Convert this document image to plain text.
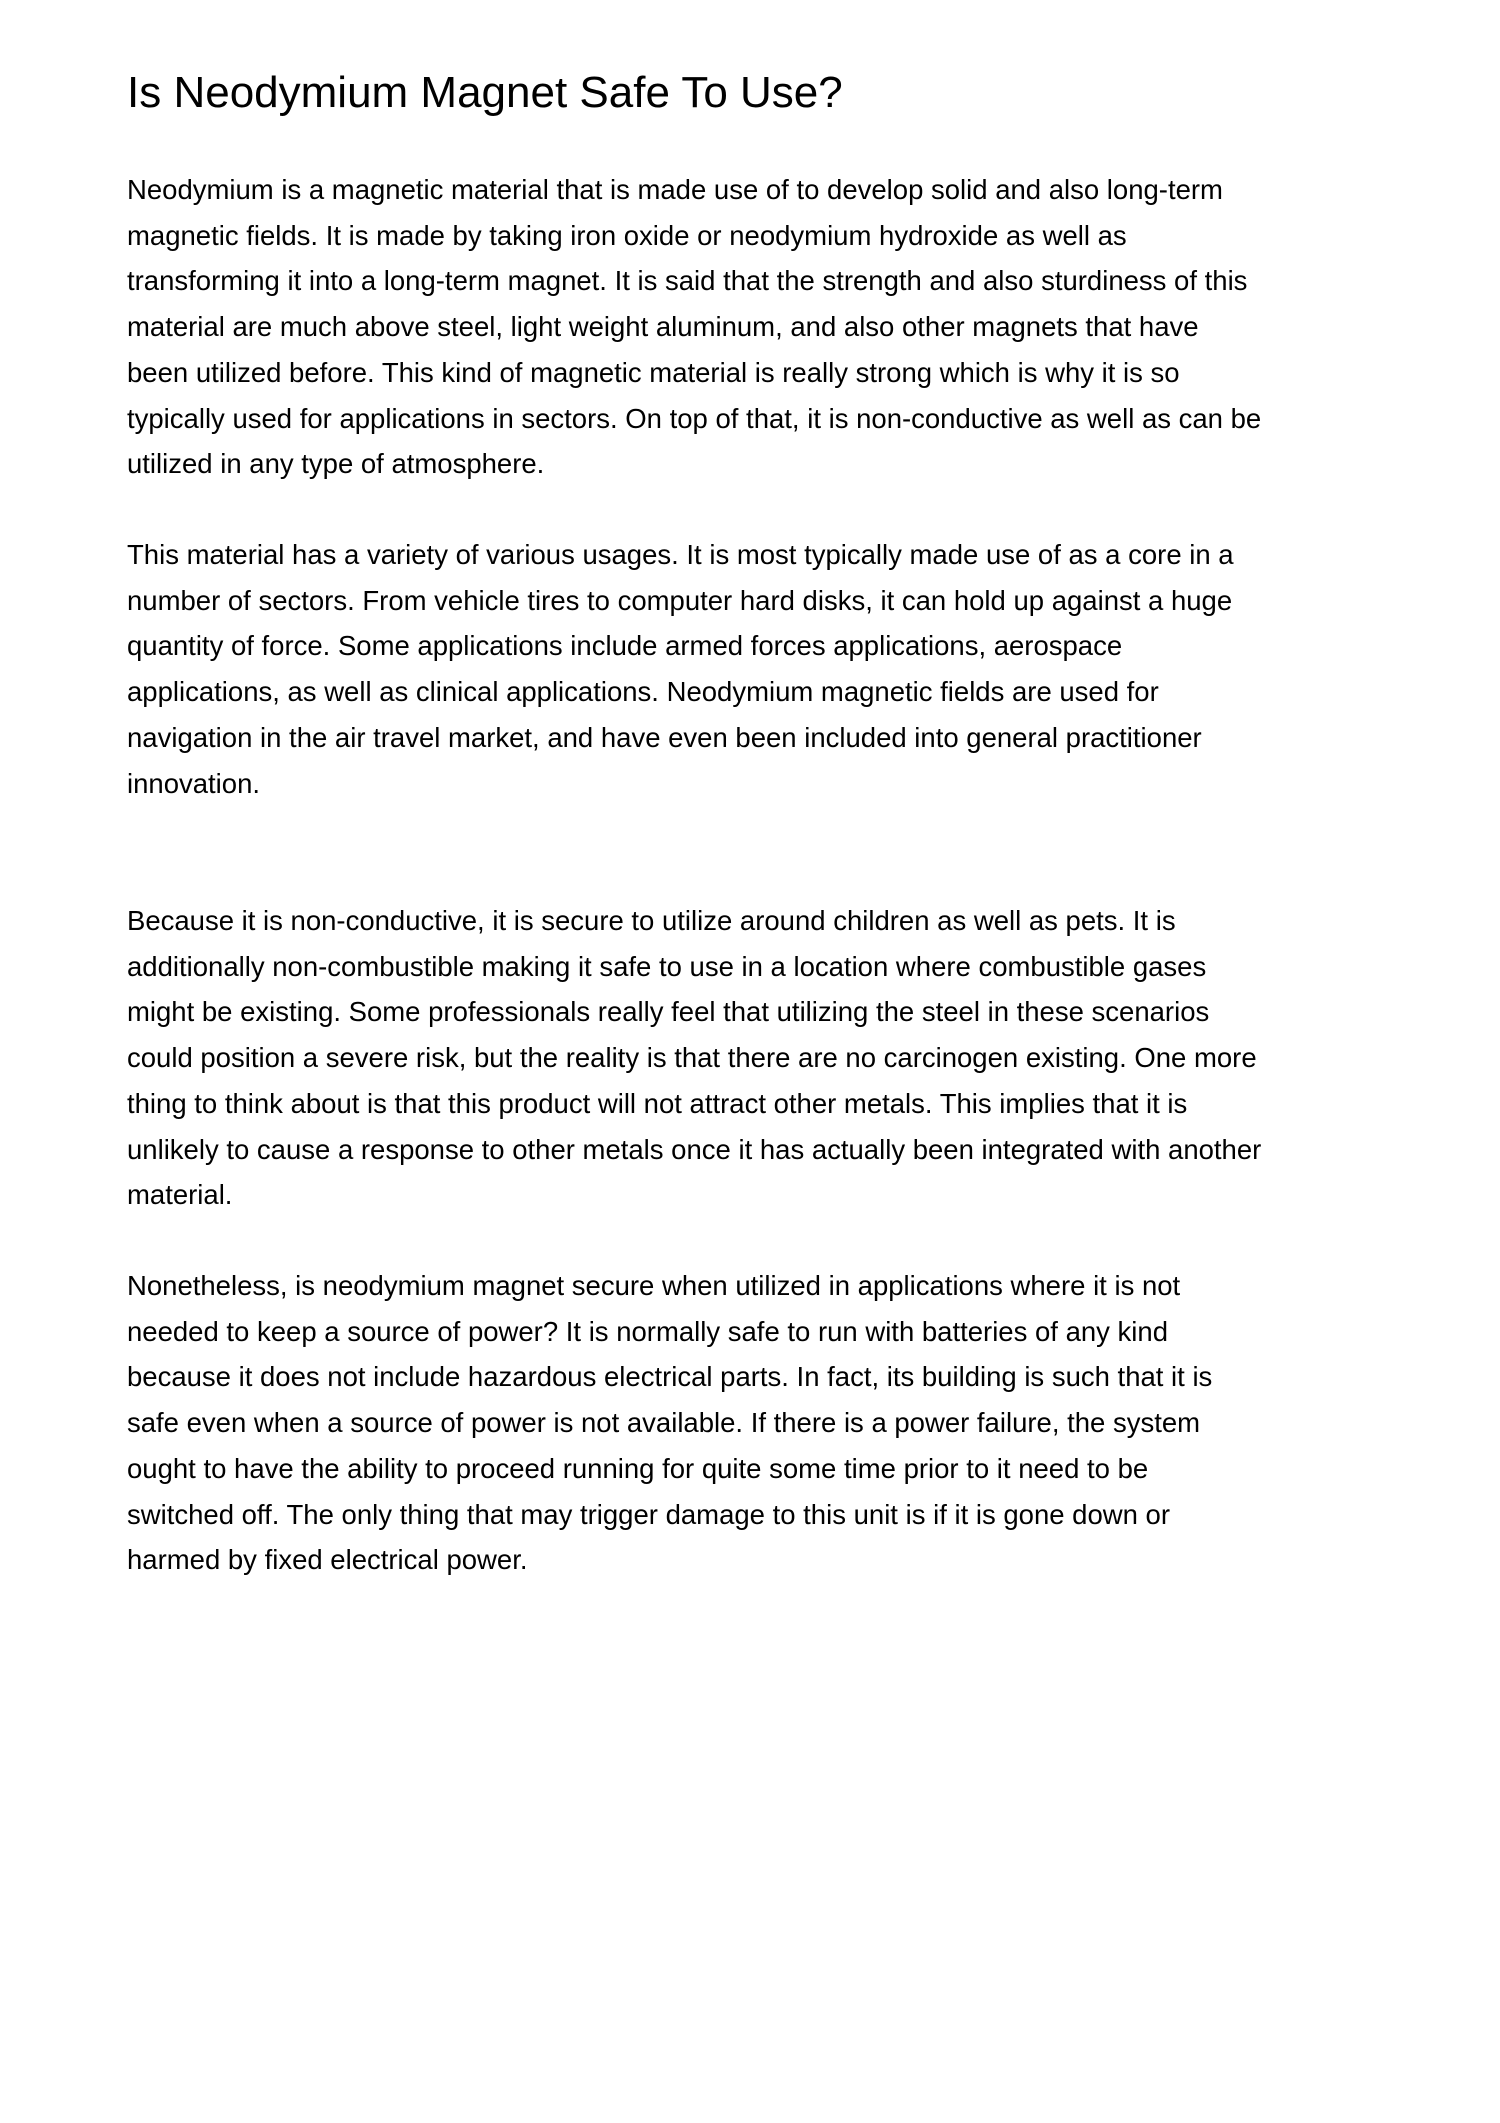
Is Neodymium Magnet Safe To Use?
Neodymium is a magnetic material that is made use of to develop solid and also long-term
magnetic fields. It is made by taking iron oxide or neodymium hydroxide as well as
transforming it into a long-term magnet. It is said that the strength and also sturdiness of this
material are much above steel, light weight aluminum, and also other magnets that have
been utilized before. This kind of magnetic material is really strong which is why it is so
typically used for applications in sectors. On top of that, it is non-conductive as well as can be
utilized in any type of atmosphere.
This material has a variety of various usages. It is most typically made use of as a core in a
number of sectors. From vehicle tires to computer hard disks, it can hold up against a huge
quantity of force. Some applications include armed forces applications, aerospace
applications, as well as clinical applications. Neodymium magnetic fields are used for
navigation in the air travel market, and have even been included into general practitioner
innovation.
Because it is non-conductive, it is secure to utilize around children as well as pets. It is
additionally non-combustible making it safe to use in a location where combustible gases
might be existing. Some professionals really feel that utilizing the steel in these scenarios
could position a severe risk, but the reality is that there are no carcinogen existing. One more
thing to think about is that this product will not attract other metals. This implies that it is
unlikely to cause a response to other metals once it has actually been integrated with another
material.
Nonetheless, is neodymium magnet secure when utilized in applications where it is not
needed to keep a source of power? It is normally safe to run with batteries of any kind
because it does not include hazardous electrical parts. In fact, its building is such that it is
safe even when a source of power is not available. If there is a power failure, the system
ought to have the ability to proceed running for quite some time prior to it need to be
switched off. The only thing that may trigger damage to this unit is if it is gone down or
harmed by fixed electrical power.
